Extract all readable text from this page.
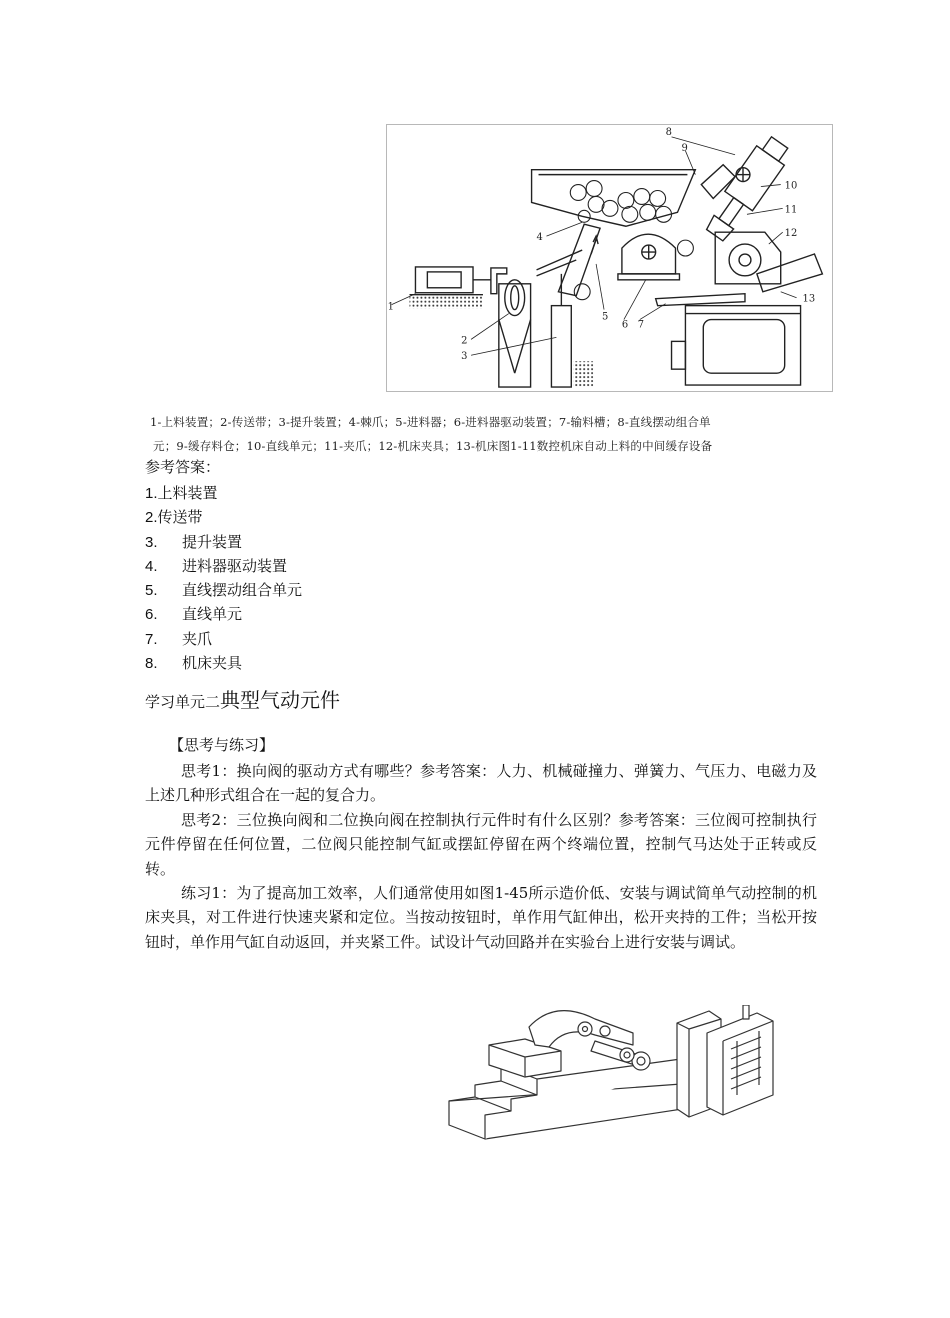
1
2
3
4
5
6 7
8
9
10
11
12
13
1-上料装置；2-传送带；3-提升装置；4-棘爪；5-进料器；6-进料器驱动装置；7-输料槽；8-直线摆动组合单
元；9-缓存料仓；10-直线单元；11-夹爪；12-机床夹具；13-机床图1-11数控机床自动上料的中间缓存设备
参考答案：
1.上料装置
2.传送带
3. 提升装置
4. 进料器驱动装置
5. 直线摆动组合单元
6. 直线单元
7. 夹爪
8. 机床夹具
学习单元二典型气动元件
【思考与练习】
思考1：换向阀的驱动方式有哪些？参考答案：人力、机械碰撞力、弹簧力、气压力、电磁力及上述几种形式组合在一起的复合力。
思考2：三位换向阀和二位换向阀在控制执行元件时有什么区别？参考答案：三位阀可控制执行元件停留在任何位置，二位阀只能控制气缸或摆缸停留在两个终端位置，控制气马达处于正转或反转。
练习1：为了提高加工效率，人们通常使用如图1-45所示造价低、安装与调试简单气动控制的机床夹具，对工件进行快速夹紧和定位。当按动按钮时，单作用气缸伸出，松开夹持的工件；当松开按钮时，单作用气缸自动返回，并夹紧工件。试设计气动回路并在实验台上进行安装与调试。
